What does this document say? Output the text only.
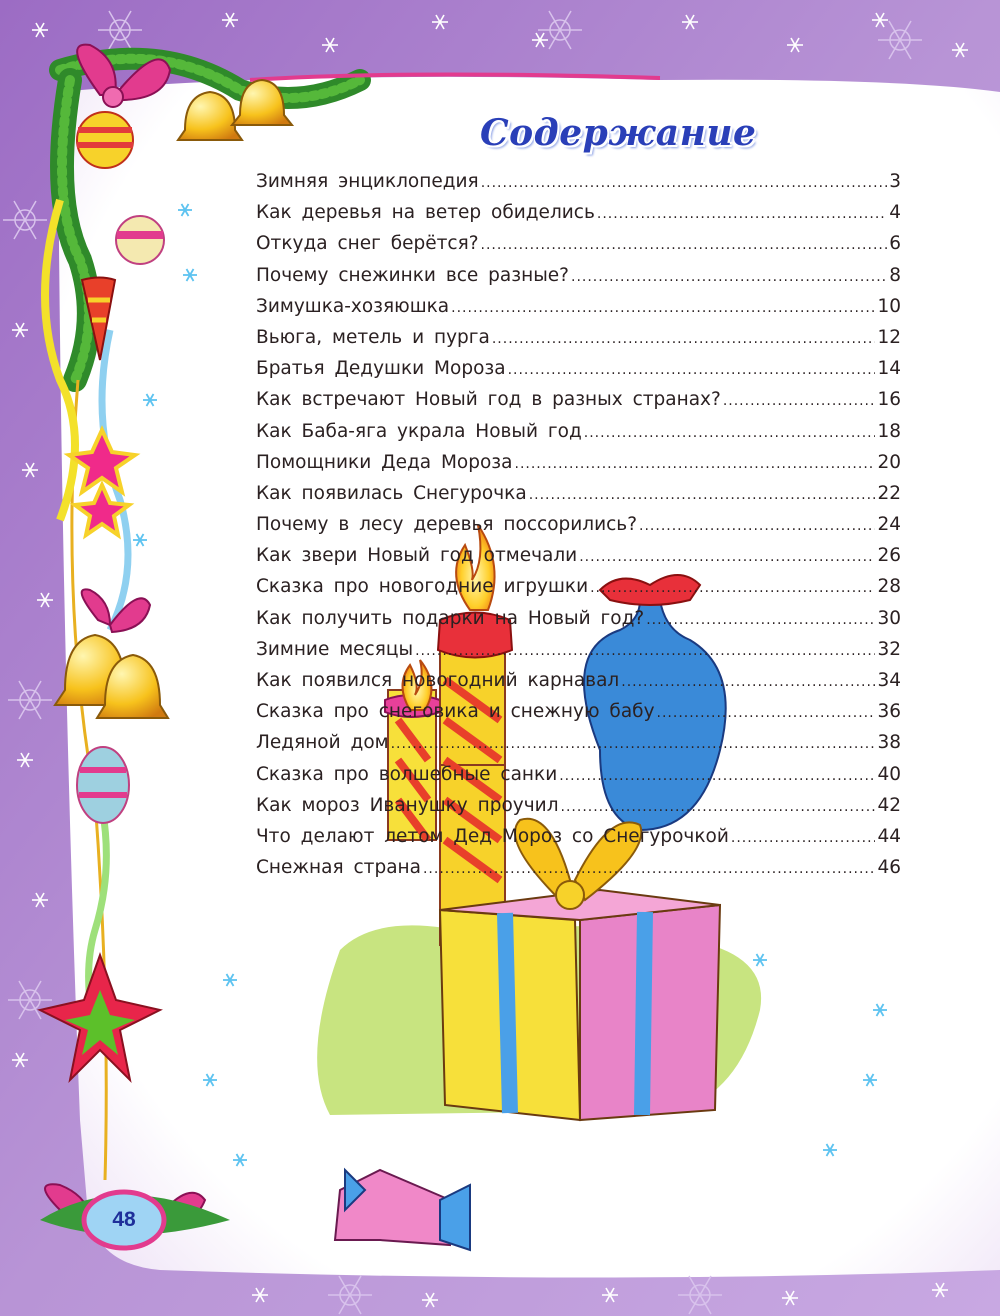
Содержание
Зимняя энциклопедия .....	3
Как деревья на ветер обиделись .....	4
Откуда снег берётся? .....	6
Почему снежинки все разные? .....	8
Зимушка-хозяюшка .....	10
Вьюга, метель и пурга .....	12
Братья Дедушки Мороза .....	14
Как встречают Новый год в разных странах? .....	16
Как Баба-яга украла Новый год .....	18
Помощники Деда Мороза .....	20
Как появилась Снегурочка .....	22
Почему в лесу деревья поссорились? .....	24
Как звери Новый год отмечали .....	26
Сказка про новогодние игрушки .....	28
Как получить подарки на Новый год? .....	30
Зимние месяцы .....	32
Как появился новогодний карнавал .....	34
Сказка про снеговика и снежную бабу .....	36
Ледяной дом .....	38
Сказка про волшебные санки .....	40
Как мороз Иванушку проучил .....	42
Что делают летом Дед Мороз со Снегурочкой .....	44
Снежная страна .....	46
48
